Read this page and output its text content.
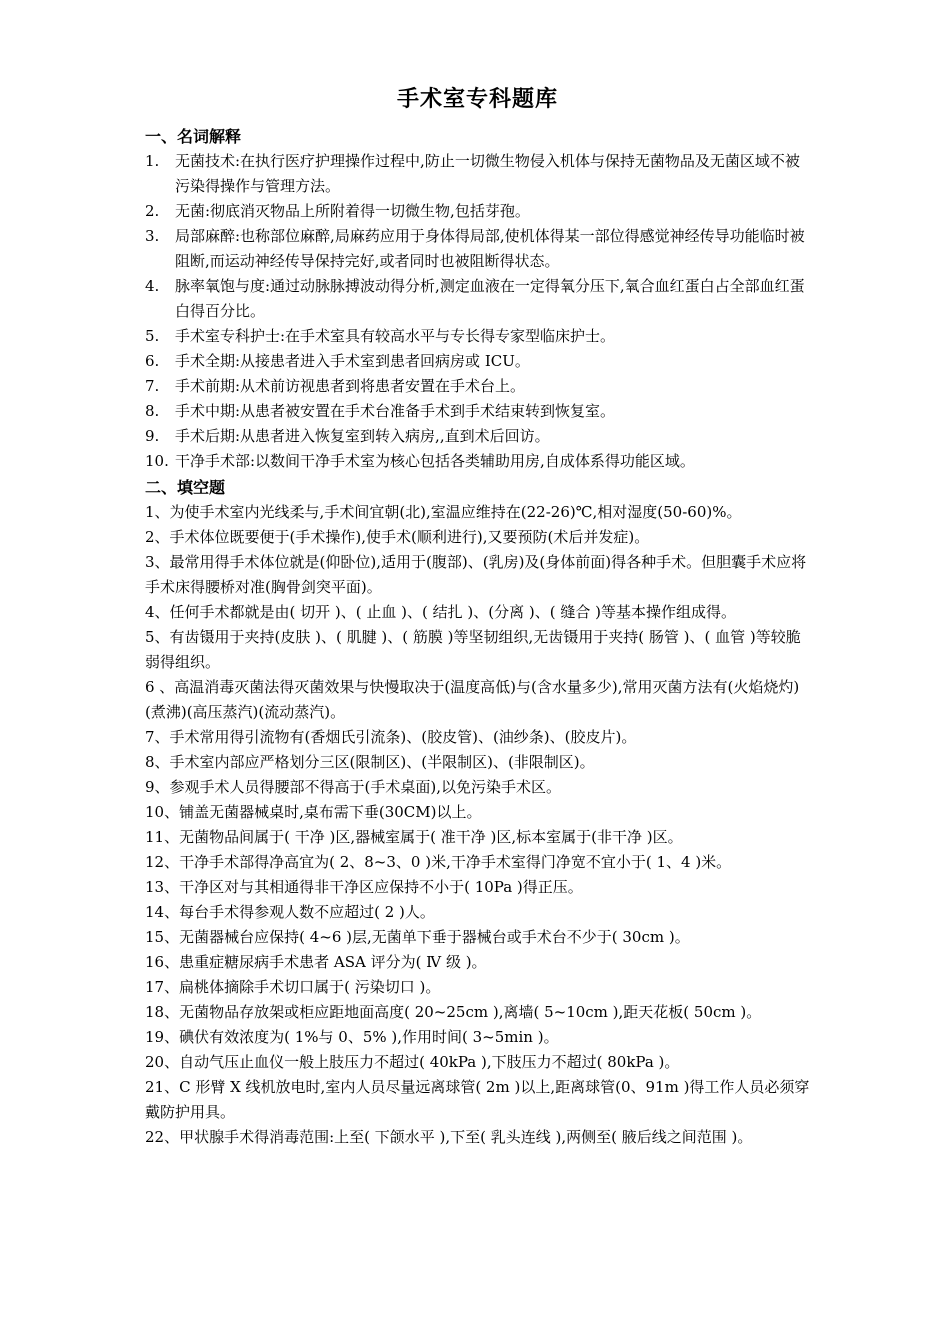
手术室专科题库
一、名词解释
1. 无菌技术:在执行医疗护理操作过程中,防止一切微生物侵入机体与保持无菌物品及无菌区域不被污染得操作与管理方法。
2. 无菌:彻底消灭物品上所附着得一切微生物,包括芽孢。
3. 局部麻醉:也称部位麻醉,局麻药应用于身体得局部,使机体得某一部位得感觉神经传导功能临时被阻断,而运动神经传导保持完好,或者同时也被阻断得状态。
4. 脉率氧饱与度:通过动脉脉搏波动得分析,测定血液在一定得氧分压下,氧合血红蛋白占全部血红蛋白得百分比。
5. 手术室专科护士:在手术室具有较高水平与专长得专家型临床护士。
6. 手术全期:从接患者进入手术室到患者回病房或 ICU。
7. 手术前期:从术前访视患者到将患者安置在手术台上。
8. 手术中期:从患者被安置在手术台准备手术到手术结束转到恢复室。
9. 手术后期:从患者进入恢复室到转入病房,,直到术后回访。
10. 干净手术部:以数间干净手术室为核心包括各类辅助用房,自成体系得功能区域。
二、填空题
1、为使手术室内光线柔与,手术间宜朝(北),室温应维持在(22-26)℃,相对湿度(50-60)%。
2、手术体位既要便于(手术操作),使手术(顺利进行),又要预防(术后并发症)。
3、最常用得手术体位就是(仰卧位),适用于(腹部)、(乳房)及(身体前面)得各种手术。但胆囊手术应将手术床得腰桥对准(胸骨剑突平面)。
4、任何手术都就是由( 切开 )、( 止血 )、( 结扎 )、(分离 )、( 缝合 )等基本操作组成得。
5、有齿镊用于夹持(皮肤 )、( 肌腱 )、( 筋膜 )等坚韧组织,无齿镊用于夹持( 肠管 )、( 血管 )等较脆弱得组织。
6 、高温消毒灭菌法得灭菌效果与快慢取决于(温度高低)与(含水量多少),常用灭菌方法有(火焰烧灼)(煮沸)(高压蒸汽)(流动蒸汽)。
7、手术常用得引流物有(香烟氏引流条)、(胶皮管)、(油纱条)、(胶皮片)。
8、手术室内部应严格划分三区(限制区)、(半限制区)、(非限制区)。
9、参观手术人员得腰部不得高于(手术桌面),以免污染手术区。
10、铺盖无菌器械桌时,桌布需下垂(30CM)以上。
11、无菌物品间属于( 干净 )区,器械室属于( 准干净 )区,标本室属于(非干净 )区。
12、干净手术部得净高宜为( 2、8~3、0 )米,干净手术室得门净宽不宜小于( 1、4 )米。
13、干净区对与其相通得非干净区应保持不小于( 10Pa )得正压。
14、每台手术得参观人数不应超过( 2 )人。
15、无菌器械台应保持( 4~6 )层,无菌单下垂于器械台或手术台不少于( 30cm )。
16、患重症糖尿病手术患者 ASA 评分为( Ⅳ 级 )。
17、扁桃体摘除手术切口属于( 污染切口 )。
18、无菌物品存放架或柜应距地面高度( 20~25cm ),离墙( 5~10cm ),距天花板( 50cm )。
19、碘伏有效浓度为( 1%与 0、5% ),作用时间( 3~5min )。
20、自动气压止血仪一般上肢压力不超过( 40kPa ),下肢压力不超过( 80kPa )。
21、C 形臂 X 线机放电时,室内人员尽量远离球管( 2m )以上,距离球管(0、91m )得工作人员必须穿戴防护用具。
22、甲状腺手术得消毒范围:上至( 下颌水平 ),下至( 乳头连线 ),两侧至( 腋后线之间范围 )。
